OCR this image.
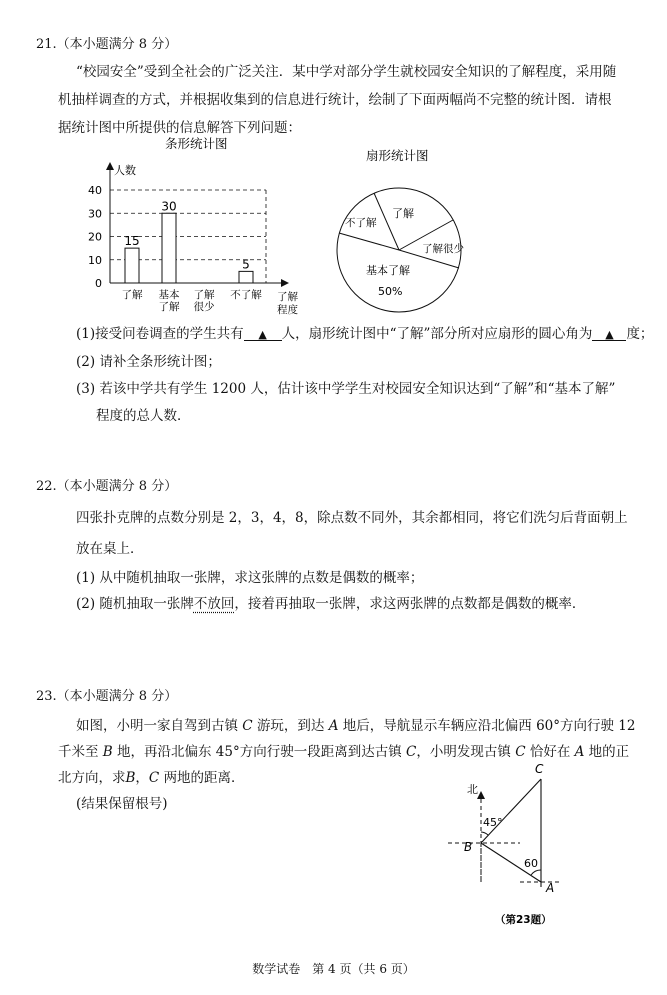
21.（本小题满分 8 分）
“校园安全”受到全社会的广泛关注．某中学对部分学生就校园安全知识的了解程度，采用随
机抽样调查的方式，并根据收集到的信息进行统计，绘制了下面两幅尚不完整的统计图．请根
据统计图中所提供的信息解答下列问题：
条形统计图
人数
0
10
20
30
40
15
30
5
了解 基本
了解
了解
很少
不了解 了解
程度
扇形统计图
不了解
了解
了解很少
基本了解
50%
(1)接受问卷调查的学生共有 ▲ 人，扇形统计图中“了解”部分所对应扇形的圆心角为 ▲ 度；
(2) 请补全条形统计图；
(3) 若该中学共有学生 1200 人，估计该中学学生对校园安全知识达到“了解”和“基本了解”
程度的总人数．
22.（本小题满分 8 分）
四张扑克牌的点数分别是 2，3，4，8，除点数不同外，其余都相同，将它们洗匀后背面朝上
放在桌上．
(1) 从中随机抽取一张牌，求这张牌的点数是偶数的概率；
(2) 随机抽取一张牌不放回，接着再抽取一张牌，求这两张牌的点数都是偶数的概率．
23.（本小题满分 8 分）
如图，小明一家自驾到古镇 C 游玩，到达 A 地后，导航显示车辆应沿北偏西 60°方向行驶 12
千米至 B 地，再沿北偏东 45°方向行驶一段距离到达古镇 C，小明发现古镇 C 恰好在 A 地的正
北方向，求B，C 两地的距离．
(结果保留根号)
北
45°
60
C
B
A
（第23题）
数学试卷　第 4 页（共 6 页）
